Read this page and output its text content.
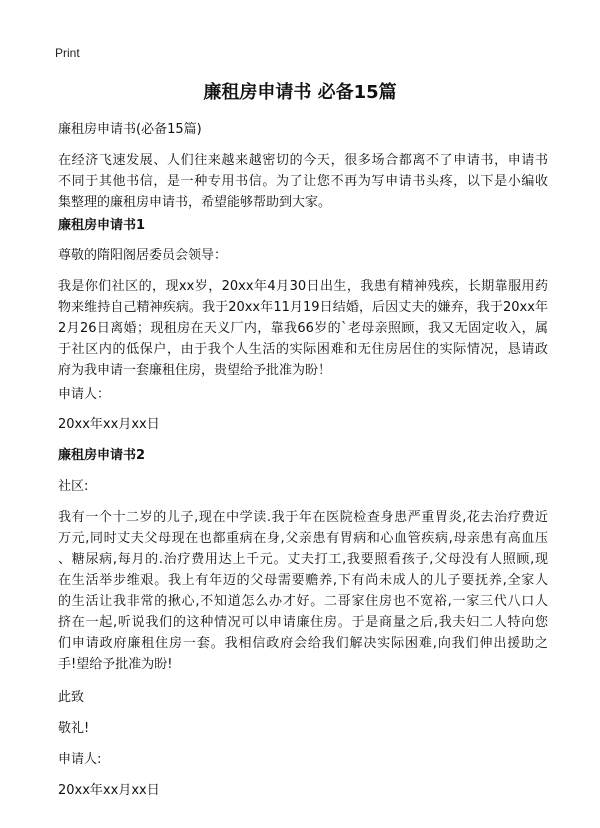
Print
廉租房申请书 必备15篇

廉租房申请书(必备15篇)

在经济飞速发展、人们往来越来越密切的今天，很多场合都离不了申请书，申请书

不同于其他书信，是一种专用书信。为了让您不再为写申请书头疼，以下是小编收

集整理的廉租房申请书，希望能够帮助到大家。

廉租房申请书1

尊敬的隋阳阁居委员会领导：

我是你们社区的，现xx岁，20xx年4月30日出生，我患有精神残疾，长期靠服用药

物来维持自己精神疾病。我于20xx年11月19日结婚，后因丈夫的嫌弃，我于20xx年

2月26日离婚；现租房在天义厂内，靠我66岁的`老母亲照顾，我又无固定收入，属

于社区内的低保户，由于我个人生活的实际困难和无住房居住的实际情况，恳请政

府为我申请一套廉租住房，贵望给予批准为盼！

申请人：

20xx年xx月xx日

廉租房申请书2

社区:

我有一个十二岁的儿子,现在中学读.我于年在医院检查身患严重胃炎,花去治疗费近

万元,同时丈夫父母现在也都重病在身,父亲患有胃病和心血管疾病,母亲患有高血压

、糖尿病,每月的.治疗费用达上千元。丈夫打工,我要照看孩子,父母没有人照顾,现

在生活举步维艰。我上有年迈的父母需要赡养,下有尚未成人的儿子要抚养,全家人

的生活让我非常的揪心,不知道怎么办才好。二哥家住房也不宽裕,一家三代八口人

挤在一起,听说我们的这种情况可以申请廉住房。于是商量之后,我夫妇二人特向您

们申请政府廉租住房一套。我相信政府会给我们解决实际困难,向我们伸出援助之

手!望给予批准为盼!

此致

敬礼!

申请人:

20xx年xx月xx日
